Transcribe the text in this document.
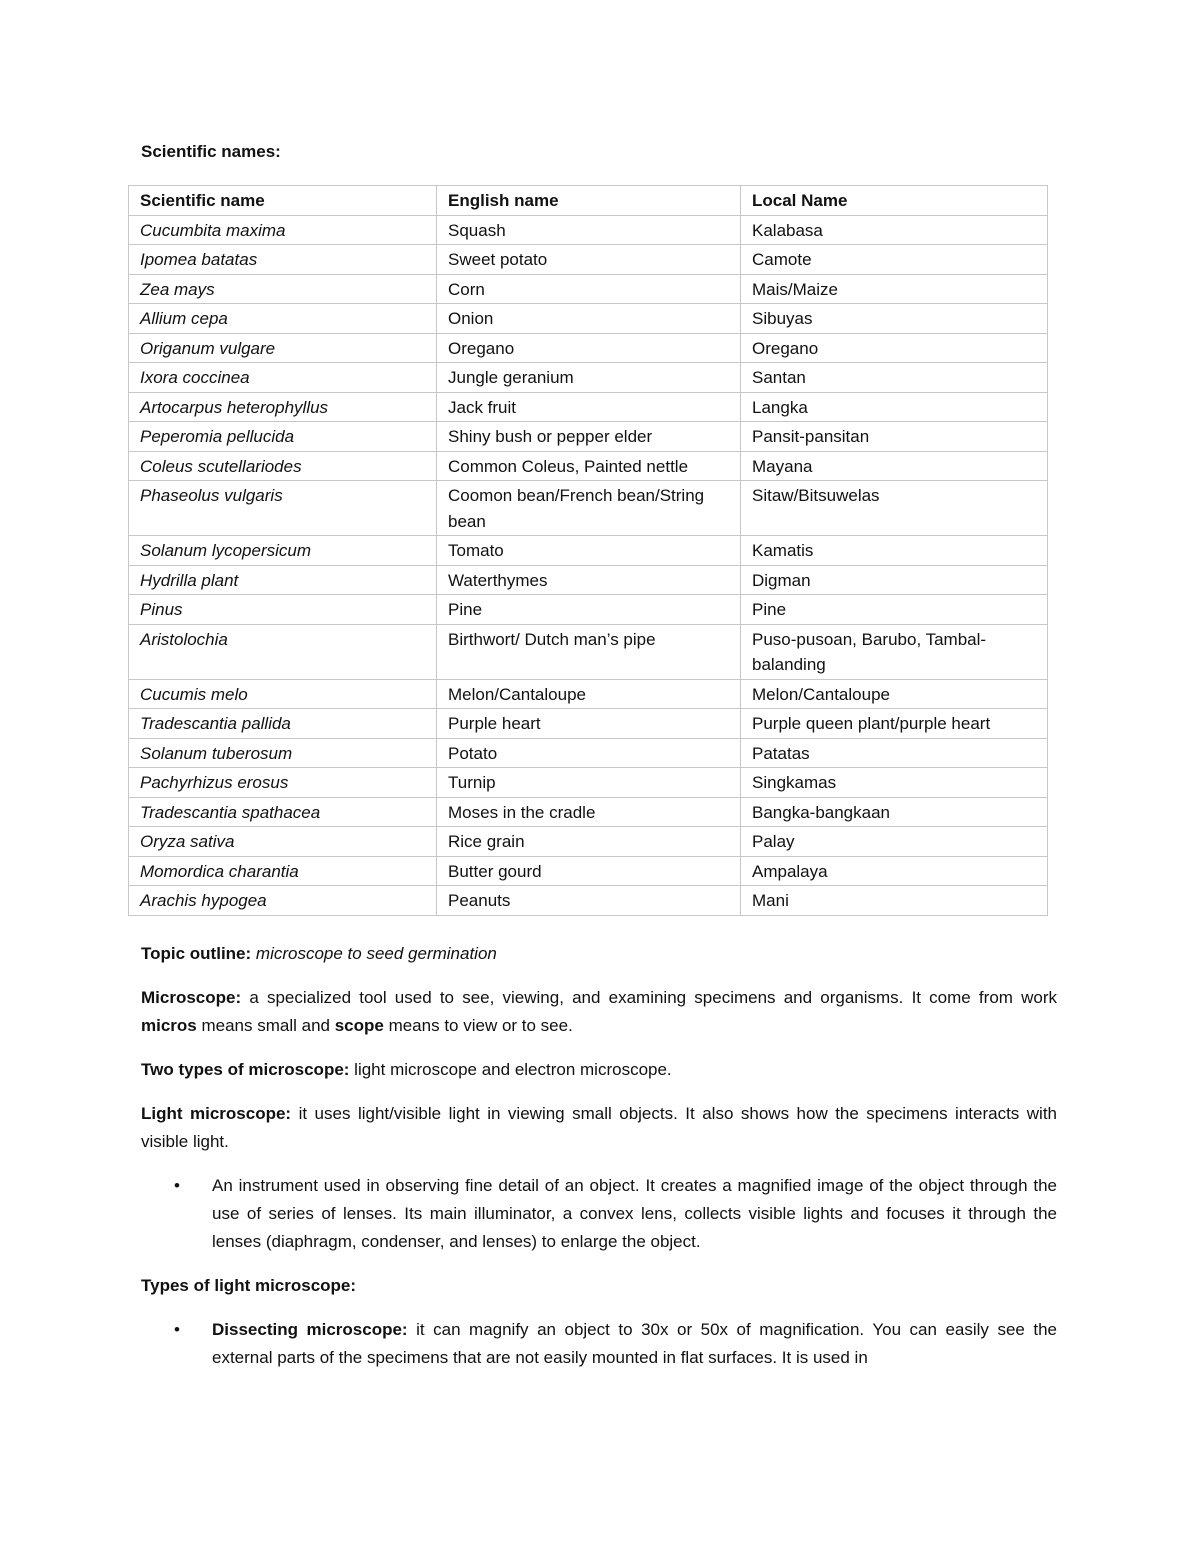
Scientific names:
Scientific name	English name	Local Name
Cucumbita maxima	Squash	Kalabasa
Ipomea batatas	Sweet potato	Camote
Zea mays	Corn	Mais/Maize
Allium cepa	Onion	Sibuyas
Origanum vulgare	Oregano	Oregano
Ixora coccinea	Jungle geranium	Santan
Artocarpus heterophyllus	Jack fruit	Langka
Peperomia pellucida	Shiny bush or pepper elder	Pansit-pansitan
Coleus scutellariodes	Common Coleus, Painted nettle	Mayana
Phaseolus vulgaris	Coomon bean/French bean/String bean	Sitaw/Bitsuwelas
Solanum lycopersicum	Tomato	Kamatis
Hydrilla plant	Waterthymes	Digman
Pinus	Pine	Pine
Aristolochia	Birthwort/ Dutch man’s pipe	Puso-pusoan, Barubo, Tambal-balanding
Cucumis melo	Melon/Cantaloupe	Melon/Cantaloupe
Tradescantia pallida	Purple heart	Purple queen plant/purple heart
Solanum tuberosum	Potato	Patatas
Pachyrhizus erosus	Turnip	Singkamas
Tradescantia spathacea	Moses in the cradle	Bangka-bangkaan
Oryza sativa	Rice grain	Palay
Momordica charantia	Butter gourd	Ampalaya
Arachis hypogea	Peanuts	Mani

Topic outline: microscope to seed germination

Microscope: a specialized tool used to see, viewing, and examining specimens and organisms. It come from work micros means small and scope means to view or to see.

Two types of microscope: light microscope and electron microscope.

Light microscope: it uses light/visible light in viewing small objects. It also shows how the specimens interacts with visible light.

• An instrument used in observing fine detail of an object. It creates a magnified image of the object through the use of series of lenses. Its main illuminator, a convex lens, collects visible lights and focuses it through the lenses (diaphragm, condenser, and lenses) to enlarge the object.

Types of light microscope:

• Dissecting microscope: it can magnify an object to 30x or 50x of magnification. You can easily see the external parts of the specimens that are not easily mounted in flat surfaces. It is used in
